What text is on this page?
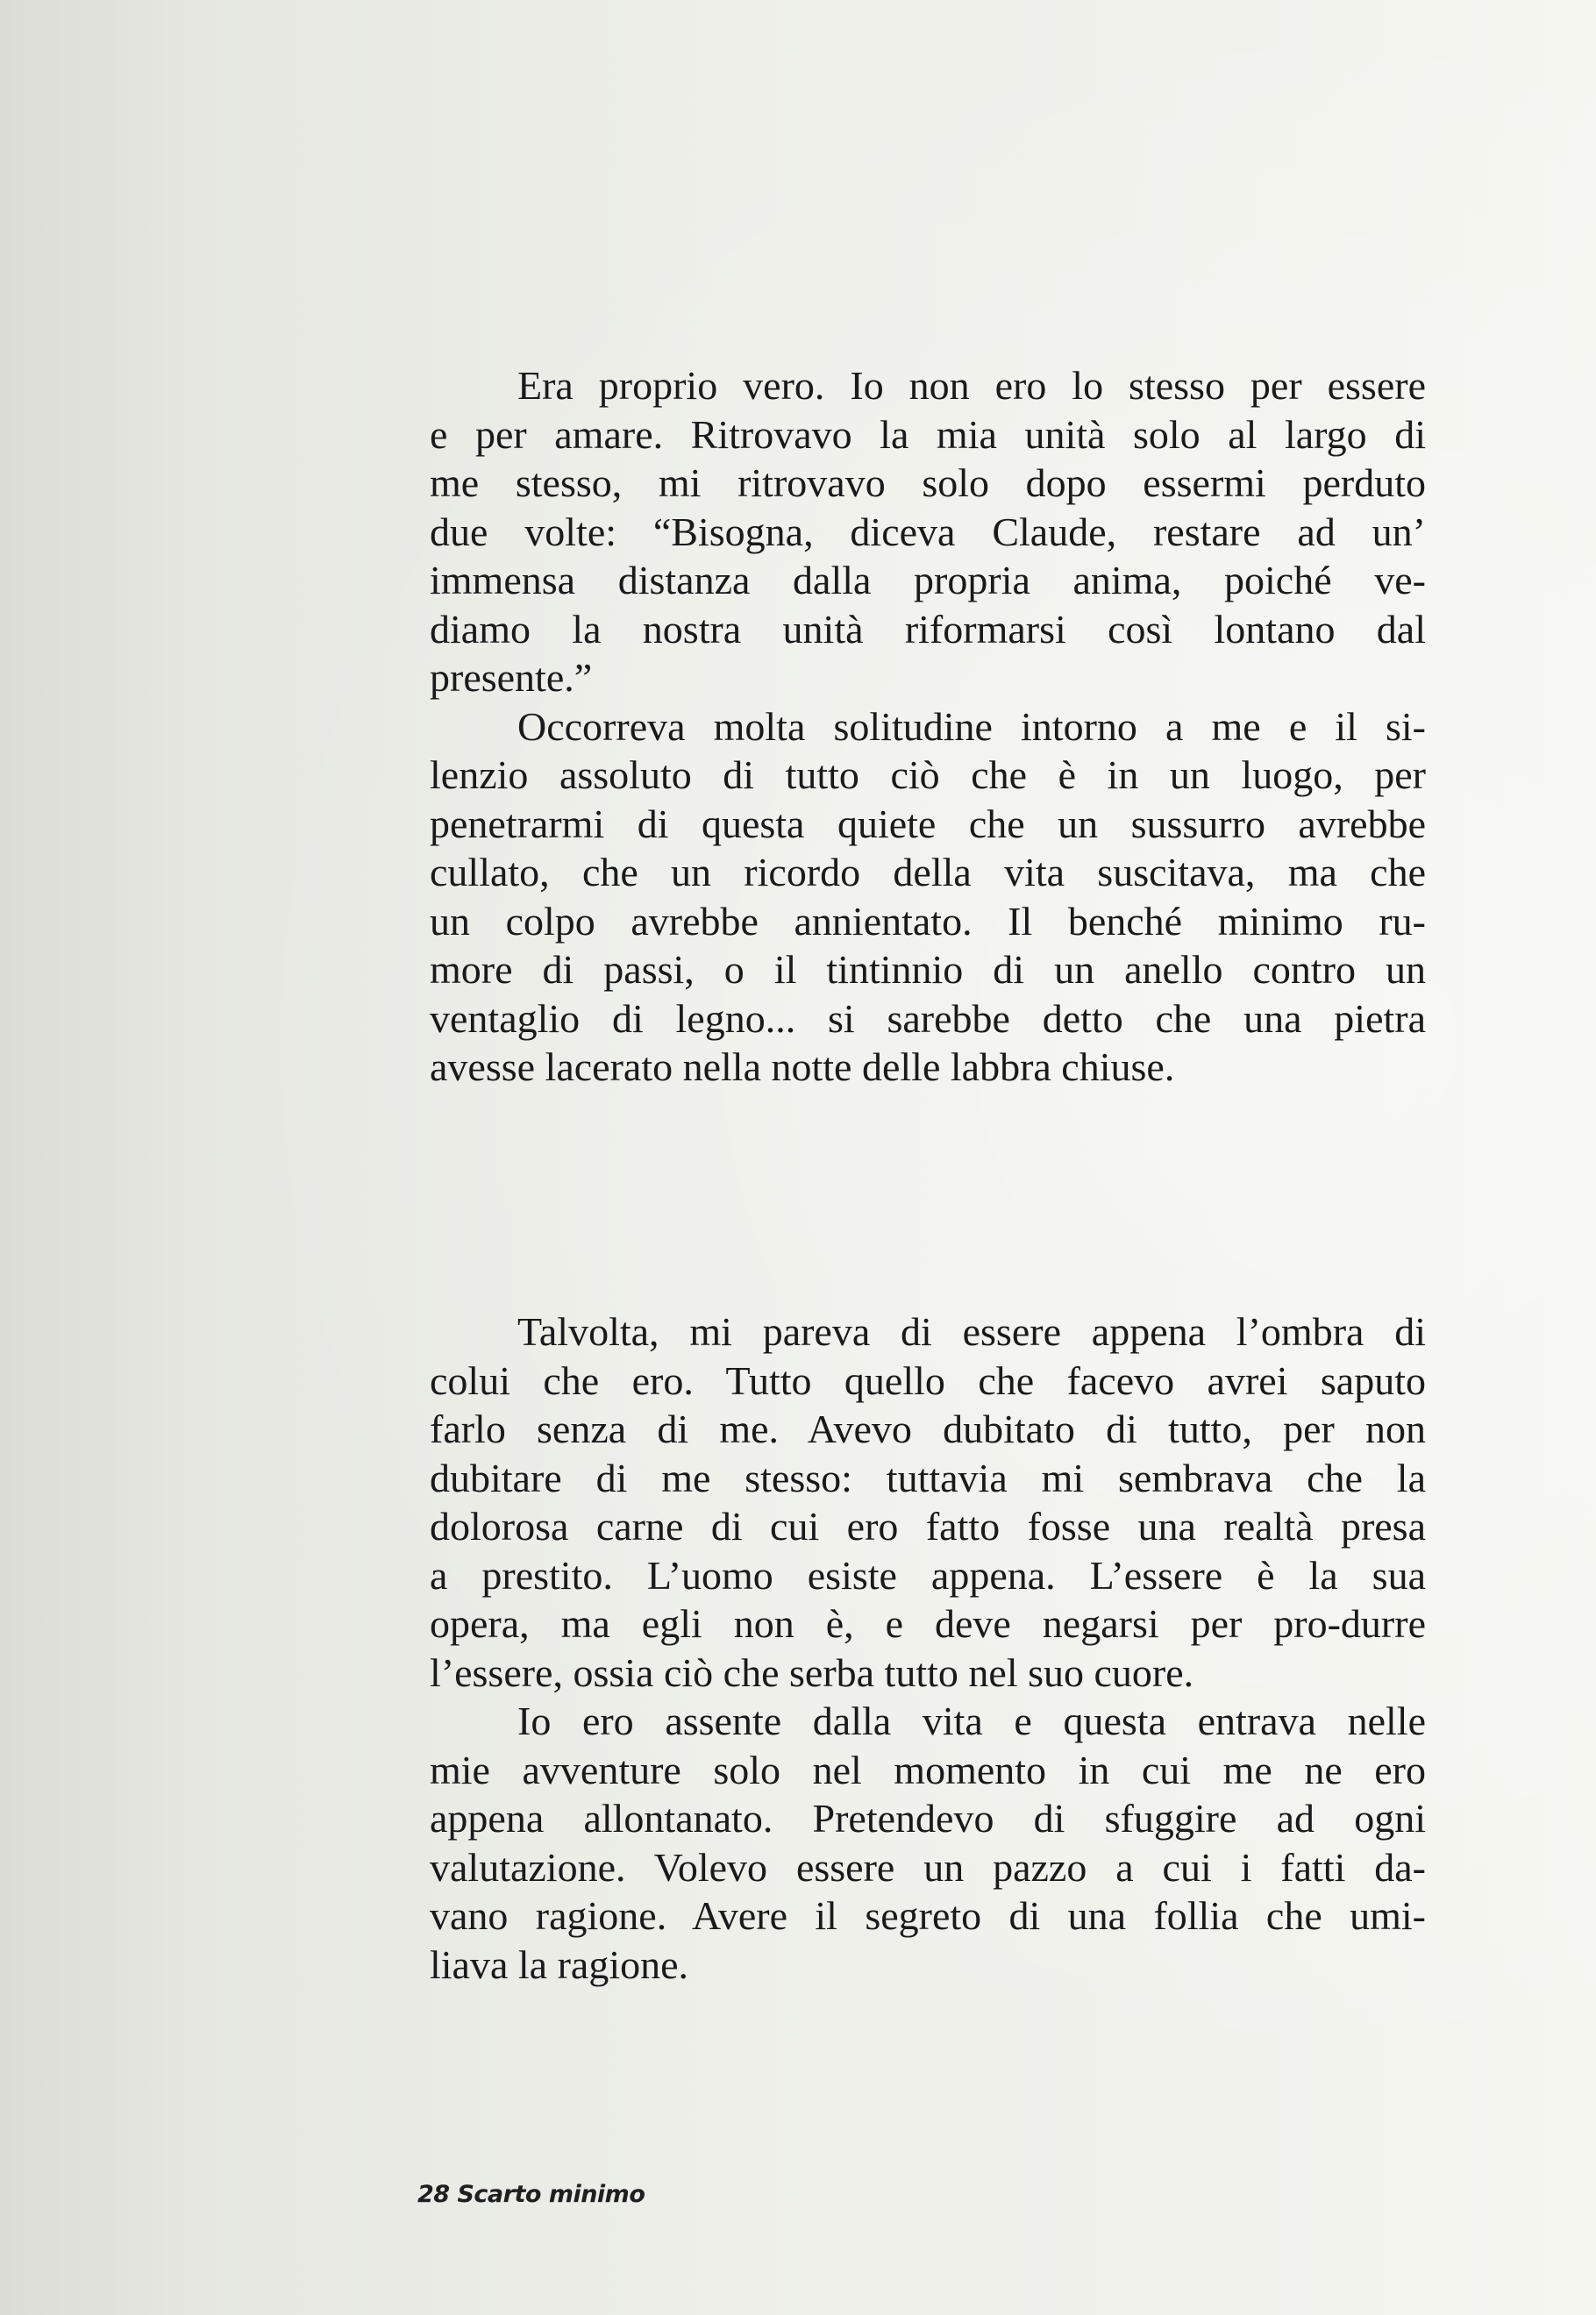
Era proprio vero. Io non ero lo stesso per essere
e per amare. Ritrovavo la mia unità solo al largo di
me stesso, mi ritrovavo solo dopo essermi perduto
due volte: “Bisogna, diceva Claude, restare ad un’
immensa distanza dalla propria anima, poiché ve-
diamo la nostra unità riformarsi così lontano dal
presente.”
Occorreva molta solitudine intorno a me e il si-
lenzio assoluto di tutto ciò che è in un luogo, per
penetrarmi di questa quiete che un sussurro avrebbe
cullato, che un ricordo della vita suscitava, ma che
un colpo avrebbe annientato. Il benché minimo ru-
more di passi, o il tintinnio di un anello contro un
ventaglio di legno... si sarebbe detto che una pietra
avesse lacerato nella notte delle labbra chiuse.
Talvolta, mi pareva di essere appena l’ombra di
colui che ero. Tutto quello che facevo avrei saputo
farlo senza di me. Avevo dubitato di tutto, per non
dubitare di me stesso: tuttavia mi sembrava che la
dolorosa carne di cui ero fatto fosse una realtà presa
a prestito. L’uomo esiste appena. L’essere è la sua
opera, ma egli non è, e deve negarsi per pro-durre
l’essere, ossia ciò che serba tutto nel suo cuore.
Io ero assente dalla vita e questa entrava nelle
mie avventure solo nel momento in cui me ne ero
appena allontanato. Pretendevo di sfuggire ad ogni
valutazione. Volevo essere un pazzo a cui i fatti da-
vano ragione. Avere il segreto di una follia che umi-
liava la ragione.
28 Scarto minimo
